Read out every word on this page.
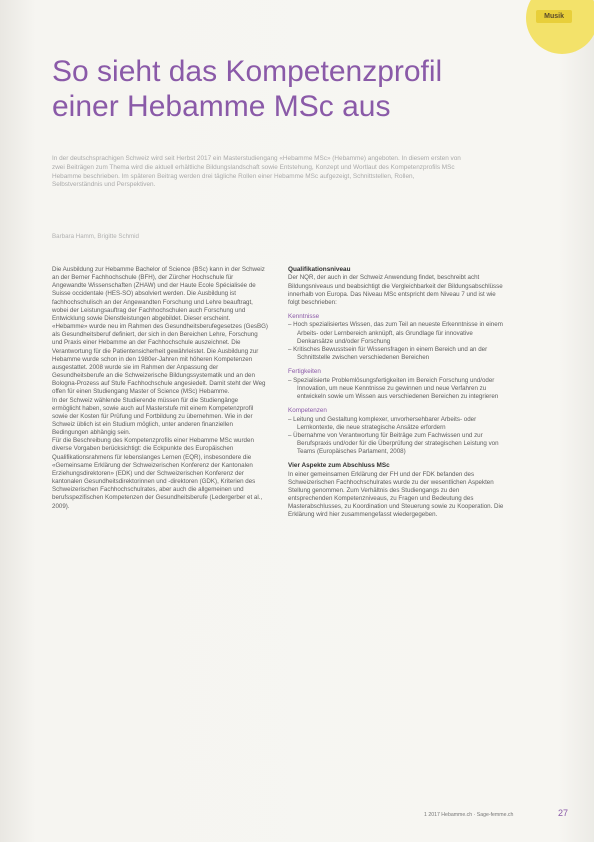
Musik
So sieht das Kompetenzprofil
einer Hebamme MSc aus

In der deutschsprachigen Schweiz wird seit Herbst 2017 ein Masterstudiengang «Hebamme MSc» (Hebamme) angeboten. In diesem ersten von zwei Beiträgen zum Thema wird die aktuell erhältliche Bildungslandschaft sowie Entstehung, Konzept und Wortlaut des Kompetenzprofils MSc Hebamme beschrieben. Im späteren Beitrag werden drei tägliche Rollen einer Hebamme MSc aufgezeigt, Schnittstellen, Rollen, Selbstverständnis und Perspektiven.

Barbara Hamm, Brigitte Schmid

Die Ausbildung zur Hebamme Bachelor of Science (BSc) kann in der Schweiz an der Berner Fachhochschule (BFH), der Zürcher Hochschule für Angewandte Wissenschaften (ZHAW) und der Haute Ecole Spécialisée de Suisse occidentale (HES-SO) absolviert werden. Die Ausbildung ist fachhochschulisch an der Angewandten Forschung und Lehre beauftragt, wobei der Leistungsauftrag der Fachhochschulen auch Forschung und Entwicklung sowie Dienstleistungen abgebildet. Dieser erscheint.

«Hebamme» wurde neu im Rahmen des Gesundheitsberufegesetzes (GesBG) als Gesundheitsberuf definiert, der sich in den Bereichen Lehre, Forschung und Praxis einer Hebamme an der Fachhochschule auszeichnet. Die Verantwortung für die Patientensicherheit gewährleistet. Die Ausbildung zur Hebamme wurde schon in den 1980er-Jahren mit höheren Kompetenzen ausgestattet. 2008 wurde sie im Rahmen der Anpassung der Gesundheitsberufe an die Schweizerische Bildungssystematik und an den Bologna-Prozess auf Stufe Fachhochschule angesiedelt. Damit steht der Weg offen für einen Studiengang Master of Science (MSc) Hebamme.

In der Schweiz wählende Studierende müssen für die Studiengänge ermöglicht haben, sowie auch auf Masterstufe mit einem Kompetenzprofil sowie der Kosten für Prüfung und Fortbildung zu übernehmen. Wie in der Schweiz üblich ist ein Studium möglich, unter anderen finanziellen Bedingungen abhängig sein.

Für die Beschreibung des Kompetenzprofils einer Hebamme MSc wurden diverse Vorgaben berücksichtigt: die Eckpunkte des Europäischen Qualifikationsrahmens für lebenslanges Lernen (EQR), insbesondere die «Gemeinsame Erklärung der Schweizerischen Konferenz der Kantonalen Erziehungsdirektoren» (EDK) und der Schweizerischen Konferenz der kantonalen Gesundheitsdirektorinnen und -direktoren (GDK), Kriterien des Schweizerischen Fachhochschulrates, aber auch die allgemeinen und berufsspezifischen Kompetenzen der Gesundheitsberufe (Ledergerber et al., 2009).

Qualifikationsniveau

Der NQR, der auch in der Schweiz Anwendung findet, beschreibt acht Bildungsniveaus und beabsichtigt die Vergleichbarkeit der Bildungsabschlüsse innerhalb von Europa. Das Niveau MSc entspricht dem Niveau 7 und ist wie folgt beschrieben:

Kenntnisse
– Hoch spezialisiertes Wissen, das zum Teil an neueste Erkenntnisse in einem Arbeits- oder Lernbereich anknüpft, als Grundlage für innovative Denkansätze und/oder Forschung
– Kritisches Bewusstsein für Wissensfragen in einem Bereich und an der Schnittstelle zwischen verschiedenen Bereichen
Fertigkeiten
– Spezialisierte Problemlösungsfertigkeiten im Bereich Forschung und/oder Innovation, um neue Kenntnisse zu gewinnen und neue Verfahren zu entwickeln sowie um Wissen aus verschiedenen Bereichen zu integrieren
Kompetenzen
– Leitung und Gestaltung komplexer, unvorhersehbarer Arbeits- oder Lernkontexte, die neue strategische Ansätze erfordern
– Übernahme von Verantwortung für Beiträge zum Fachwissen und zur Berufspraxis und/oder für die Überprüfung der strategischen Leistung von Teams (Europäisches Parlament, 2008)
Vier Aspekte zum Abschluss MSc

In einer gemeinsamen Erklärung der FH und der FDK befanden des Schweizerischen Fachhochschulrates wurde zu der wesentlichen Aspekten Stellung genommen. Zum Verhältnis des Studiengangs zu den entsprechenden Kompetenzniveaus, zu Fragen und Bedeutung des Masterabschlusses, zu Koordination und Steuerung sowie zu Kooperation. Die Erklärung wird hier zusammengefasst wiedergegeben.

1 2017 Hebamme.ch · Sage-femme.ch	27
